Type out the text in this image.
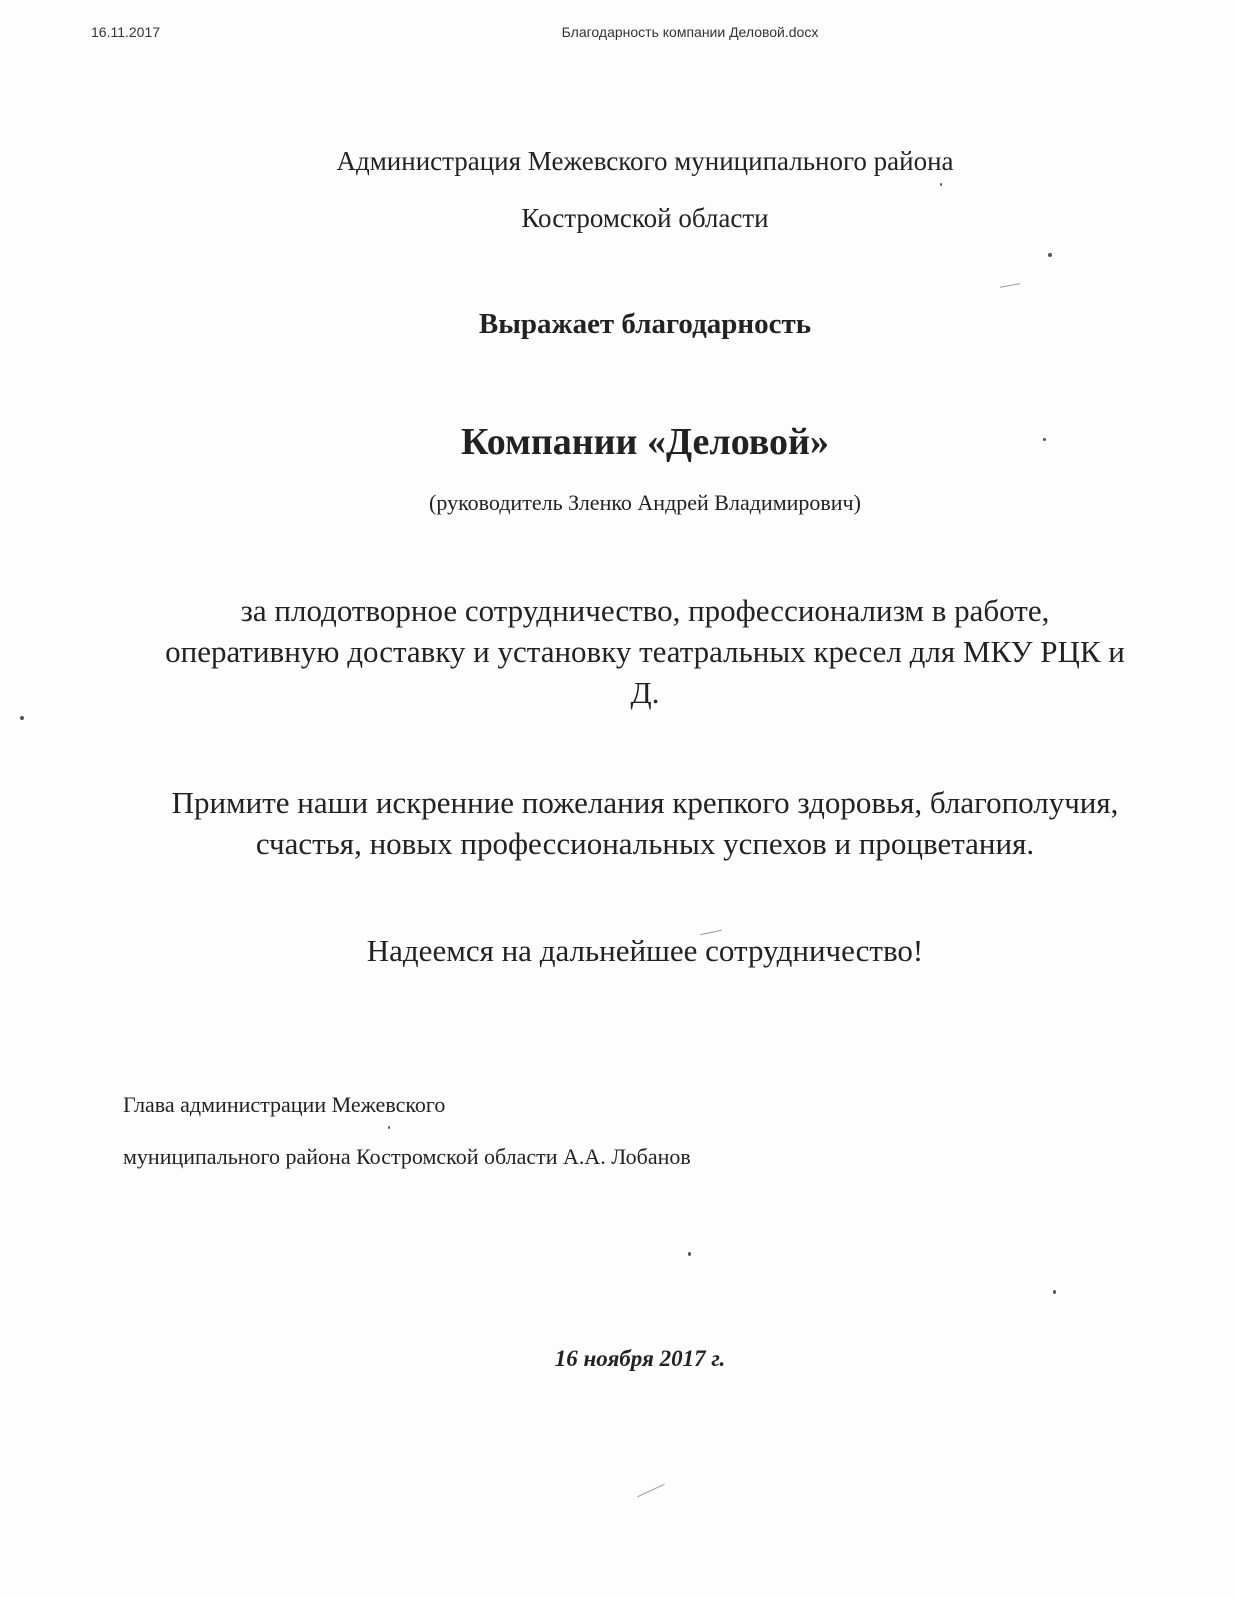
16.11.2017	Благодарность компании Деловой.docx
Администрация Межевского муниципального района
Костромской области
Выражает благодарность
Компании «Деловой»
(руководитель Зленко Андрей Владимирович)
за плодотворное сотрудничество, профессионализм в работе,
оперативную доставку и установку театральных кресел для МКУ РЦК и
Д.
Примите наши искренние пожелания крепкого здоровья, благополучия,
счастья, новых профессиональных успехов и процветания.
Надеемся на дальнейшее сотрудничество!
Глава администрации Межевского
муниципального района Костромской области А.А. Лобанов
16 ноября 2017 г.
